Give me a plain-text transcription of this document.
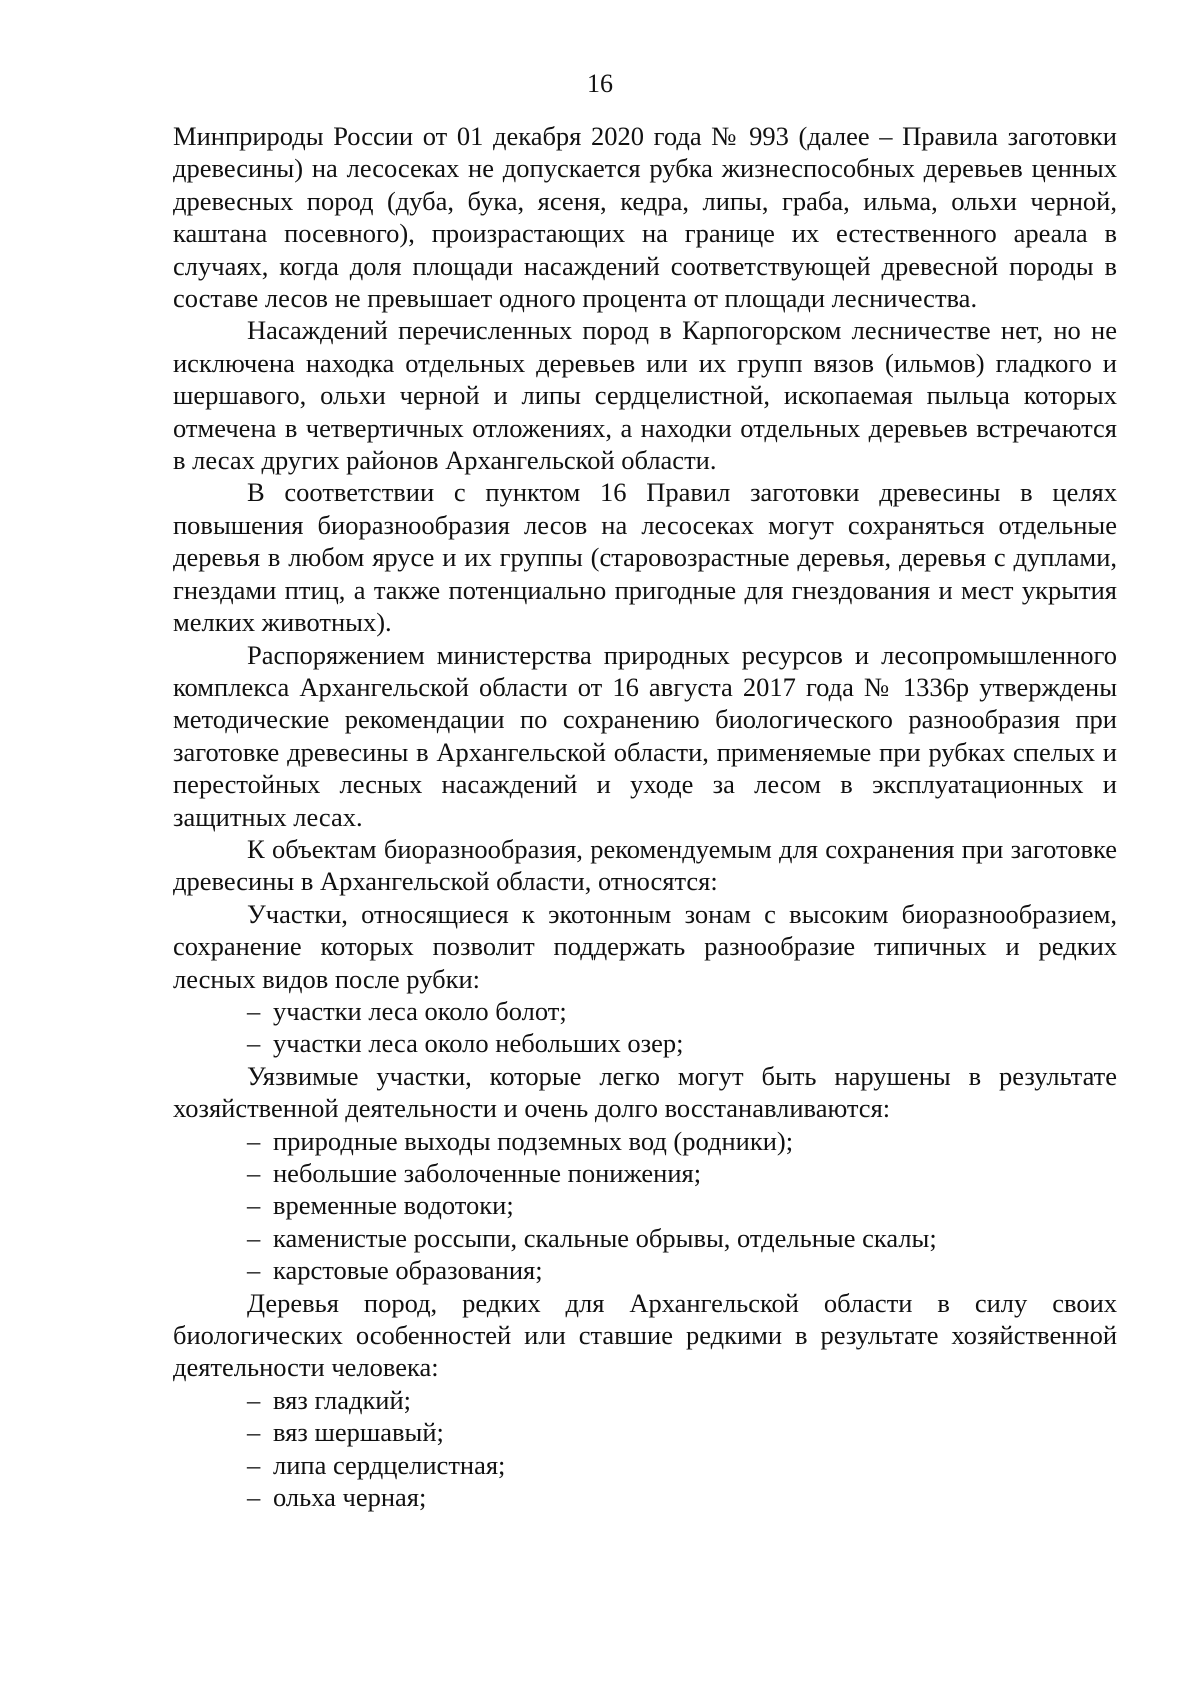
16

Минприроды России от 01 декабря 2020 года № 993 (далее – Правила заготовки древесины) на лесосеках не допускается рубка жизнеспособных деревьев ценных древесных пород (дуба, бука, ясеня, кедра, липы, граба, ильма, ольхи черной, каштана посевного), произрастающих на границе их естественного ареала в случаях, когда доля площади насаждений соответствующей древесной породы в составе лесов не превышает одного процента от площади лесничества.

Насаждений перечисленных пород в Карпогорском лесничестве нет, но не исключена находка отдельных деревьев или их групп вязов (ильмов) гладкого и шершавого, ольхи черной и липы сердцелистной, ископаемая пыльца которых отмечена в четвертичных отложениях, а находки отдельных деревьев встречаются в лесах других районов Архангельской области.

В соответствии с пунктом 16 Правил заготовки древесины в целях повышения биоразнообразия лесов на лесосеках могут сохраняться отдельные деревья в любом ярусе и их группы (старовозрастные деревья, деревья с дуплами, гнездами птиц, а также потенциально пригодные для гнездования и мест укрытия мелких животных).

Распоряжением министерства природных ресурсов и лесопромышленного комплекса Архангельской области от 16 августа 2017 года № 1336р утверждены методические рекомендации по сохранению биологического разнообразия при заготовке древесины в Архангельской области, применяемые при рубках спелых и перестойных лесных насаждений и уходе за лесом в эксплуатационных и защитных лесах.

К объектам биоразнообразия, рекомендуемым для сохранения при заготовке древесины в Архангельской области, относятся:

Участки, относящиеся к экотонным зонам с высоким биоразнообразием, сохранение которых позволит поддержать разнообразие типичных и редких лесных видов после рубки:

– участки леса около болот;

– участки леса около небольших озер;

Уязвимые участки, которые легко могут быть нарушены в результате хозяйственной деятельности и очень долго восстанавливаются:

– природные выходы подземных вод (родники);

– небольшие заболоченные понижения;

– временные водотоки;

– каменистые россыпи, скальные обрывы, отдельные скалы;

– карстовые образования;

Деревья пород, редких для Архангельской области в силу своих биологических особенностей или ставшие редкими в результате хозяйственной деятельности человека:

– вяз гладкий;

– вяз шершавый;

– липа сердцелистная;

– ольха черная;
